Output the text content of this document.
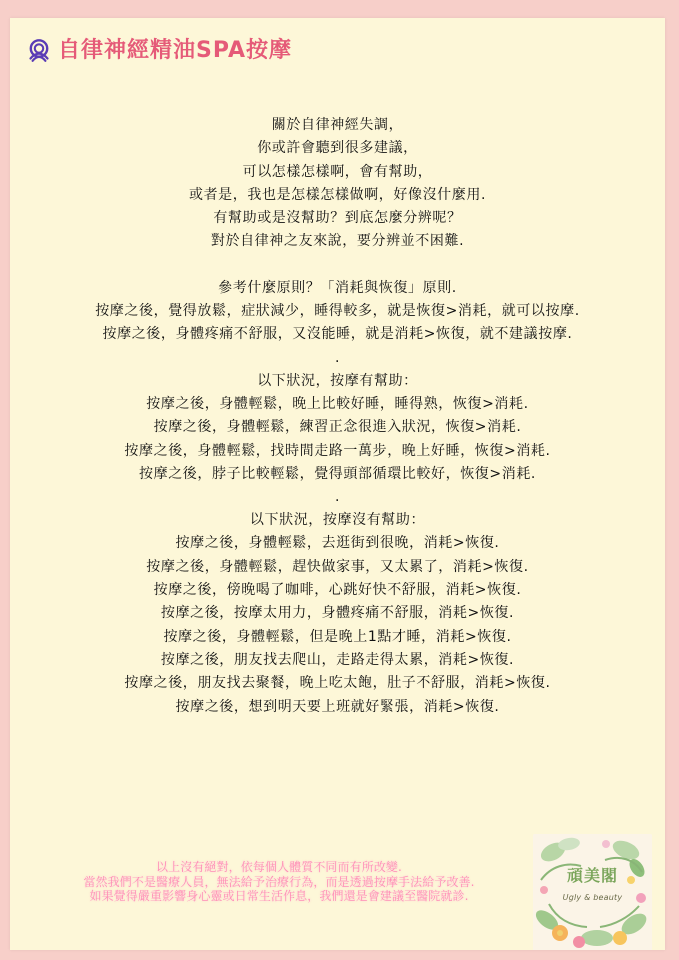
自律神經精油SPA按摩
關於自律神經失調，
你或許會聽到很多建議，
可以怎樣怎樣啊，會有幫助，
或者是，我也是怎樣怎樣做啊，好像沒什麼用.
有幫助或是沒幫助？到底怎麼分辨呢？
對於自律神之友來說，要分辨並不困難.
參考什麼原則？「消耗與恢復」原則.
按摩之後，覺得放鬆，症狀減少，睡得較多，就是恢復>消耗，就可以按摩.
按摩之後，身體疼痛不舒服，又沒能睡，就是消耗>恢復，就不建議按摩.
.
以下狀況，按摩有幫助：
按摩之後，身體輕鬆，晚上比較好睡，睡得熟，恢復>消耗.
按摩之後，身體輕鬆，練習正念很進入狀況，恢復>消耗.
按摩之後，身體輕鬆，找時間走路一萬步，晚上好睡，恢復>消耗.
按摩之後，脖子比較輕鬆，覺得頭部循環比較好，恢復>消耗.
.
以下狀況，按摩沒有幫助：
按摩之後，身體輕鬆，去逛街到很晚，消耗>恢復.
按摩之後，身體輕鬆，趕快做家事，又太累了，消耗>恢復.
按摩之後，傍晚喝了咖啡，心跳好快不舒服，消耗>恢復.
按摩之後，按摩太用力，身體疼痛不舒服，消耗>恢復.
按摩之後，身體輕鬆，但是晚上1點才睡，消耗>恢復.
按摩之後，朋友找去爬山，走路走得太累，消耗>恢復.
按摩之後，朋友找去聚餐，晚上吃太飽，肚子不舒服，消耗>恢復.
按摩之後，想到明天要上班就好緊張，消耗>恢復.
以上沒有絕對，依每個人體質不同而有所改變.
當然我們不是醫療人員，無法給予治療行為，而是透過按摩手法給予改善.
如果覺得嚴重影響身心靈或日常生活作息，我們還是會建議至醫院就診.
頑美閣
Ugly & beauty
